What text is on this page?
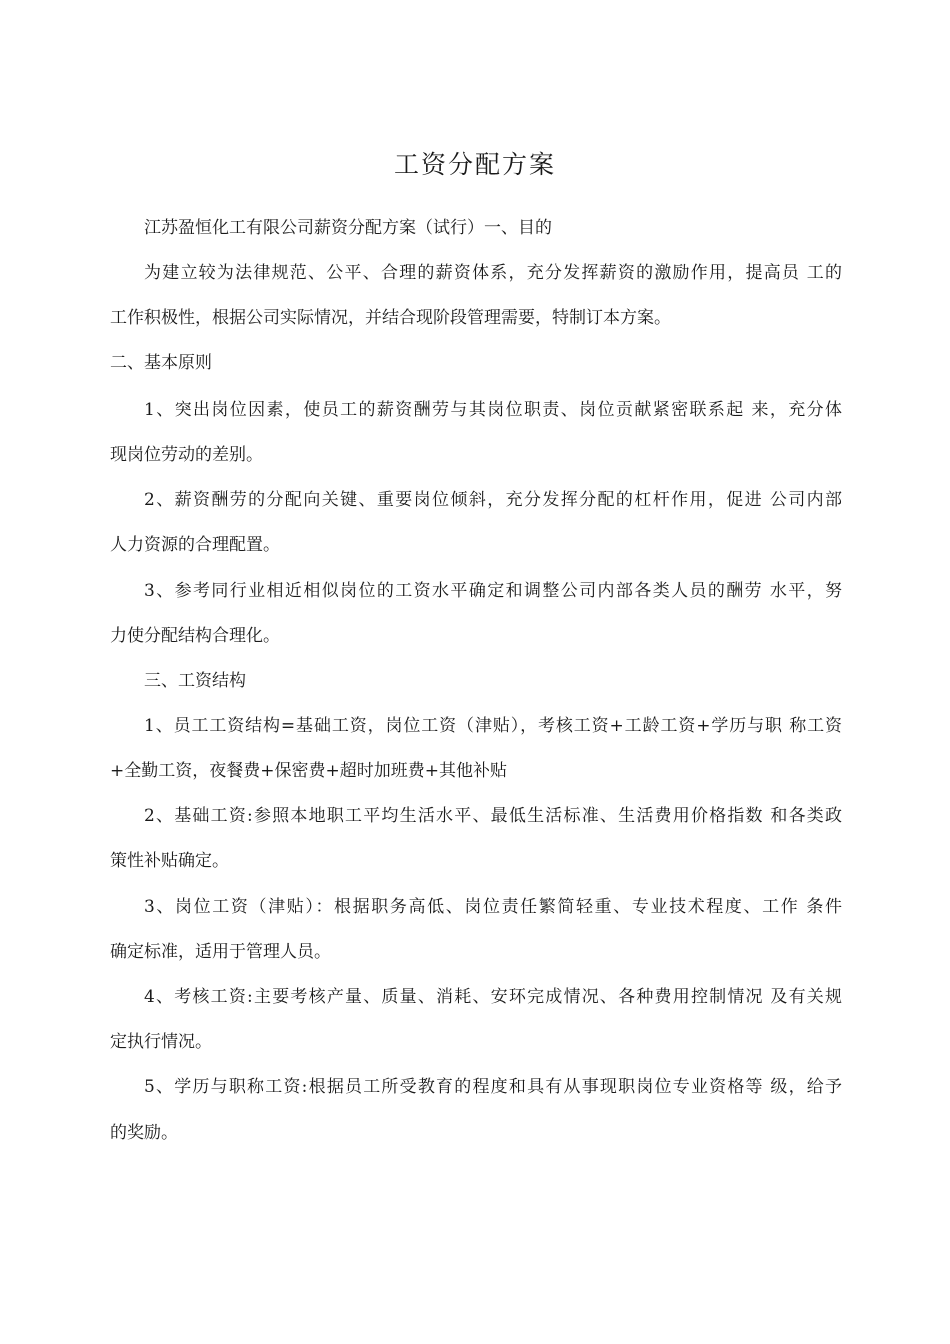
工资分配方案
江苏盈恒化工有限公司薪资分配方案（试行）一、目的
为建立较为法律规范、公平、合理的薪资体系，充分发挥薪资的激励作用，提高员 工的
工作积极性，根据公司实际情况，并结合现阶段管理需要，特制订本方案。
二、基本原则
1、突出岗位因素，使员工的薪资酬劳与其岗位职责、岗位贡献紧密联系起 来，充分体
现岗位劳动的差别。
2、薪资酬劳的分配向关键、重要岗位倾斜，充分发挥分配的杠杆作用，促进 公司内部
人力资源的合理配置。
3、参考同行业相近相似岗位的工资水平确定和调整公司内部各类人员的酬劳 水平，努
力使分配结构合理化。
三、工资结构
1、员工工资结构=基础工资，岗位工资（津贴），考核工资+工龄工资+学历与职 称工资
+全勤工资，夜餐费+保密费+超时加班费+其他补贴
2、基础工资:参照本地职工平均生活水平、最低生活标准、生活费用价格指数 和各类政
策性补贴确定。
3、岗位工资（津贴）：根据职务高低、岗位责任繁简轻重、专业技术程度、工作 条件
确定标准，适用于管理人员。
4、考核工资:主要考核产量、质量、消耗、安环完成情况、各种费用控制情况 及有关规
定执行情况。
5、学历与职称工资:根据员工所受教育的程度和具有从事现职岗位专业资格等 级，给予
的奖励。
